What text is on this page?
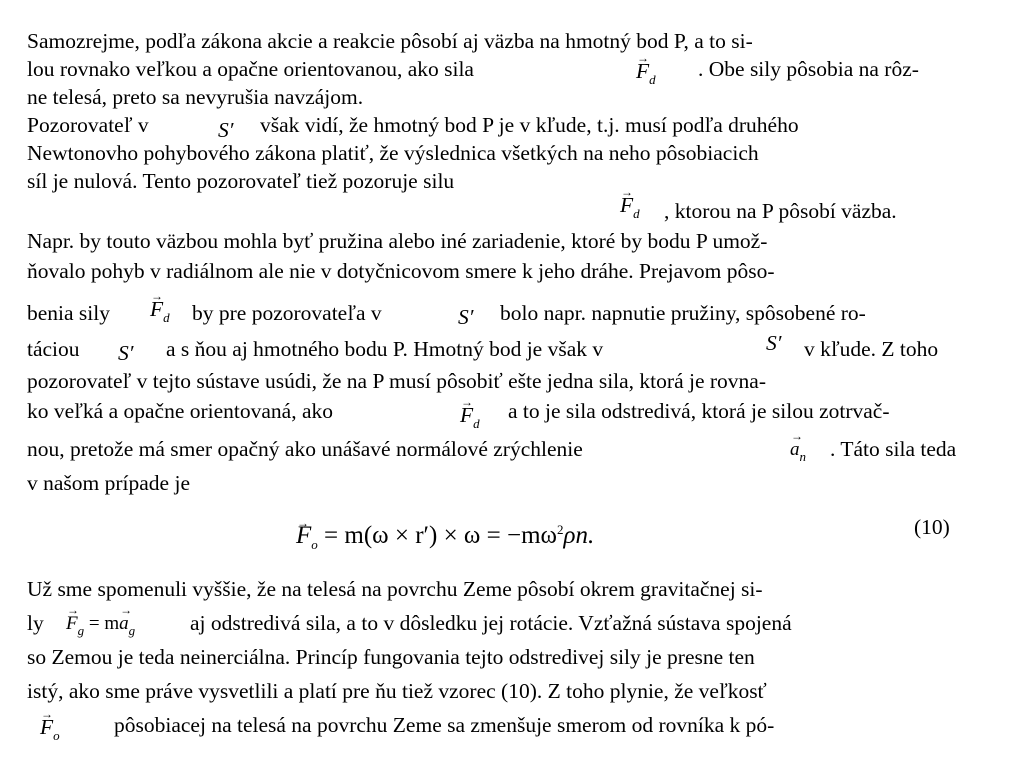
Samozrejme, podľa zákona akcie a reakcie pôsobí aj väzba na hmotný bod P, a to si-
lou rovnako veľkou a opačne orientovanou, ako sila	→ $F_d$ . Obe sily pôsobia na rôz-
ne telesá, preto sa nevyrušia navzájom.
Pozorovateľ v	S′ však vidí, že hmotný bod P je v kľude, t.j. musí podľa druhého
Newtonovho pohybového zákona platiť, že výslednica všetkých na neho pôsobiacich
síl je nulová. Tento pozorovateľ tiež pozoruje silu
→ $F_d$ , ktorou na P pôsobí väzba.
Napr. by touto väzbou mohla byť pružina alebo iné zariadenie, ktoré by bodu P umož-
ňovalo pohyb v radiálnom ale nie v dotyčnicovom smere k jeho dráhe. Prejavom pôso-
benia sily → $F_d$ by pre pozorovateľa v	S′ bolo napr. napnutie pružiny, spôsobené ro-
táciou S′ a s ňou aj hmotného bodu P. Hmotný bod je však v	S′ v kľude. Z toho
pozorovateľ v tejto sústave usúdi, že na P musí pôsobiť ešte jedna sila, ktorá je rovna-
ko veľká a opačne orientovaná, ako	→ $F_d$
a to je sila odstredivá, ktorá je silou zotrvač-
nou, pretože má smer opačný ako unášavé normálové zrýchlenie	→ $a_n$ . Táto sila teda
v našom prípade je
→ $F_o = m(\omega \times r') \times \omega = -m\omega^2\rho n$.	(10)
Už sme spomenuli vyššie, že na telesá na povrchu Zeme pôsobí okrem gravitačnej si-
ly → $F_g = m\to a_g$	aj odstredivá sila, a to v dôsledku jej rotácie. Vzťažná sústava spojená
so Zemou je teda neinerciálna. Princíp fungovania tejto odstredivej sily je presne ten
istý, ako sme práve vysvetlili a platí pre ňu tiež vzorec (10). Z toho plynie, že veľkosť
→ $F_o$	pôsobiacej na telesá na povrchu Zeme sa zmenšuje smerom od rovníka k pó-
